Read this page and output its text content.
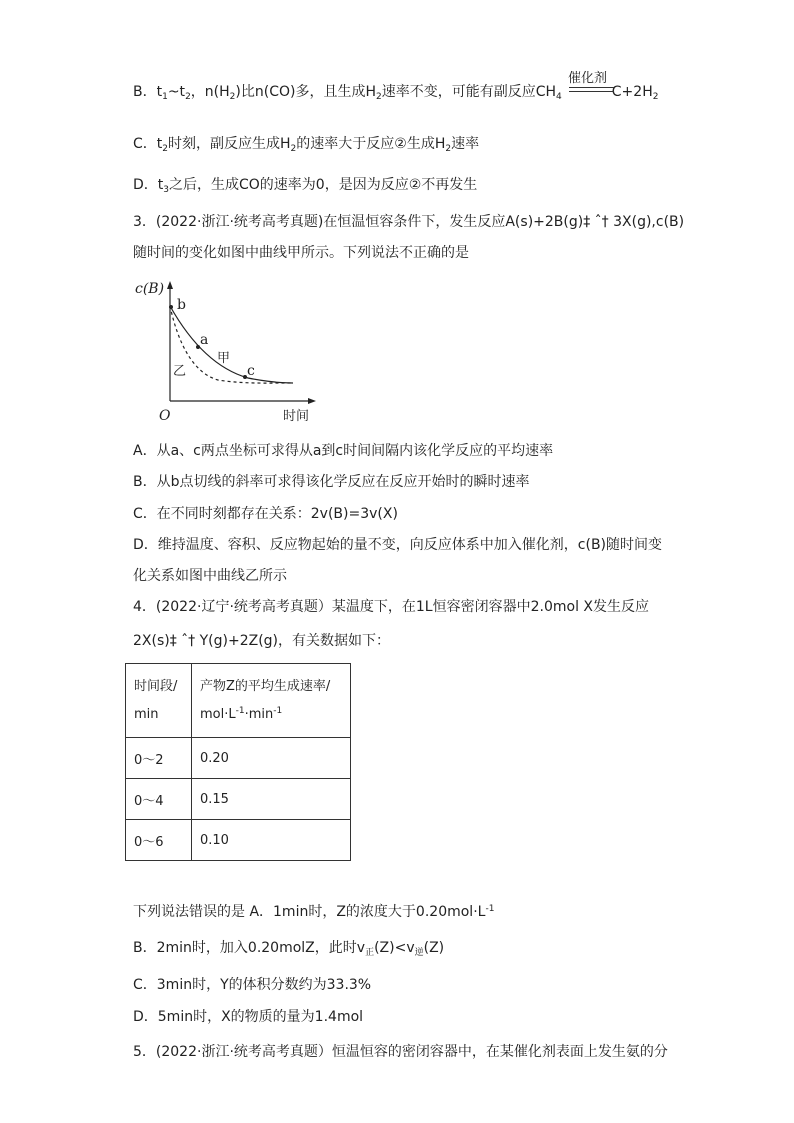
B．$t_1\sim t_2$，$n(H_2)$比n(CO)多，且生成$H_2$速率不变，可能有副反应$CH_4$	$C+2H_2$
催化剂
C．$t_2$时刻，副反应生成$H_2$的速率大于反应②生成$H_2$速率
D．$t_3$之后，生成CO的速率为0，是因为反应②不再发生
3．(2022·浙江·统考高考真题)在恒温恒容条件下，发生反应A(s)+2B(g)‡ ˆ† 3X(g),c(B)
随时间的变化如图中曲线甲所示。下列说法不正确的是
c(B)
b
a
c
甲
乙
O	时间
A．从a、c两点坐标可求得从a到c时间间隔内该化学反应的平均速率
B．从b点切线的斜率可求得该化学反应在反应开始时的瞬时速率
C．在不同时刻都存在关系：2v(B)=3v(X)
D．维持温度、容积、反应物起始的量不变，向反应体系中加入催化剂，c(B)随时间变
化关系如图中曲线乙所示
4．(2022·辽宁·统考高考真题）某温度下，在1L恒容密闭容器中2.0mol X发生反应
2X(s)‡ ˆ† Y(g)+2Z(g)，有关数据如下：
时间段/
min	产物Z的平均生成速率/
$mol\cdot L^{-1}\cdot\min^{-1}$

0～2	0.20
0～4	0.15
0～6	0.10
下列说法错误的是 A．1min时，Z的浓度大于$0.20mol\cdot L^{-1}$
B．2min时，加入0.20molZ，此时$v_正(Z)<v_逆(Z)$
C．3min时，Y的体积分数约为33.3%
D．5min时，X的物质的量为1.4mol
5．(2022·浙江·统考高考真题）恒温恒容的密闭容器中，在某催化剂表面上发生氨的分
